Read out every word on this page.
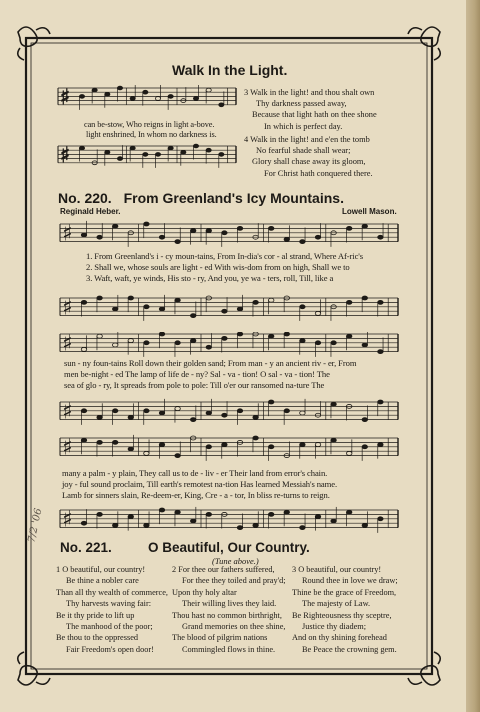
Walk In the Light.
♯
♯
can be-stow, Who reigns in light a-bove.
light enshrined, In whom no darkness is.
3 Walk in the light! and thou shalt own
Thy darkness passed away,
Because that light hath on thee shone
In which is perfect day.
4 Walk in the light! and e'en the tomb
No fearful shade shall wear;
Glory shall chase away its gloom,
For Christ hath conquered there.
No. 220. From Greenland's Icy Mountains.
Reginald Heber.	Lowell Mason.
♯
♯
1. From Greenland's i - cy moun-tains, From In-dia's cor - al strand, Where Af-ric's
2. Shall we, whose souls are light - ed With wis-dom from on high, Shall we to
3. Waft, waft, ye winds, His sto - ry, And you, ye wa - ters, roll, Till, like a
♯
♯
sun - ny foun-tains Roll down their golden sand; From man - y an ancient riv - er, From
men be-night - ed The lamp of life de - ny? Sal - va - tion! O sal - va - tion! The
sea of glo - ry, It spreads from pole to pole: Till o'er our ransomed na-ture The
♯
♯
many a palm - y plain, They call us to de - liv - er Their land from error's chain.
joy - ful sound proclaim, Till earth's remotest na-tion Has learned Messiah's name.
Lamb for sinners slain, Re-deem-er, King, Cre - a - tor, In bliss re-turns to reign.
7/2 '06
No. 221.	O Beautiful, Our Country.
(Tune above.)
1 O beautiful, our country!
Be thine a nobler care
Than all thy wealth of commerce,
Thy harvests waving fair:
Be it thy pride to lift up
The manhood of the poor;
Be thou to the oppressed
Fair Freedom's open door!
2 For thee our fathers suffered,
For thee they toiled and pray'd;
Upon thy holy altar
Their willing lives they laid.
Thou hast no common birthright,
Grand memories on thee shine,
The blood of pilgrim nations
Commingled flows in thine.
3 O beautiful, our country!
Round thee in love we draw;
Thine be the grace of Freedom,
The majesty of Law.
Be Righteousness thy sceptre,
Justice thy diadem;
And on thy shining forehead
Be Peace the crowning gem.
